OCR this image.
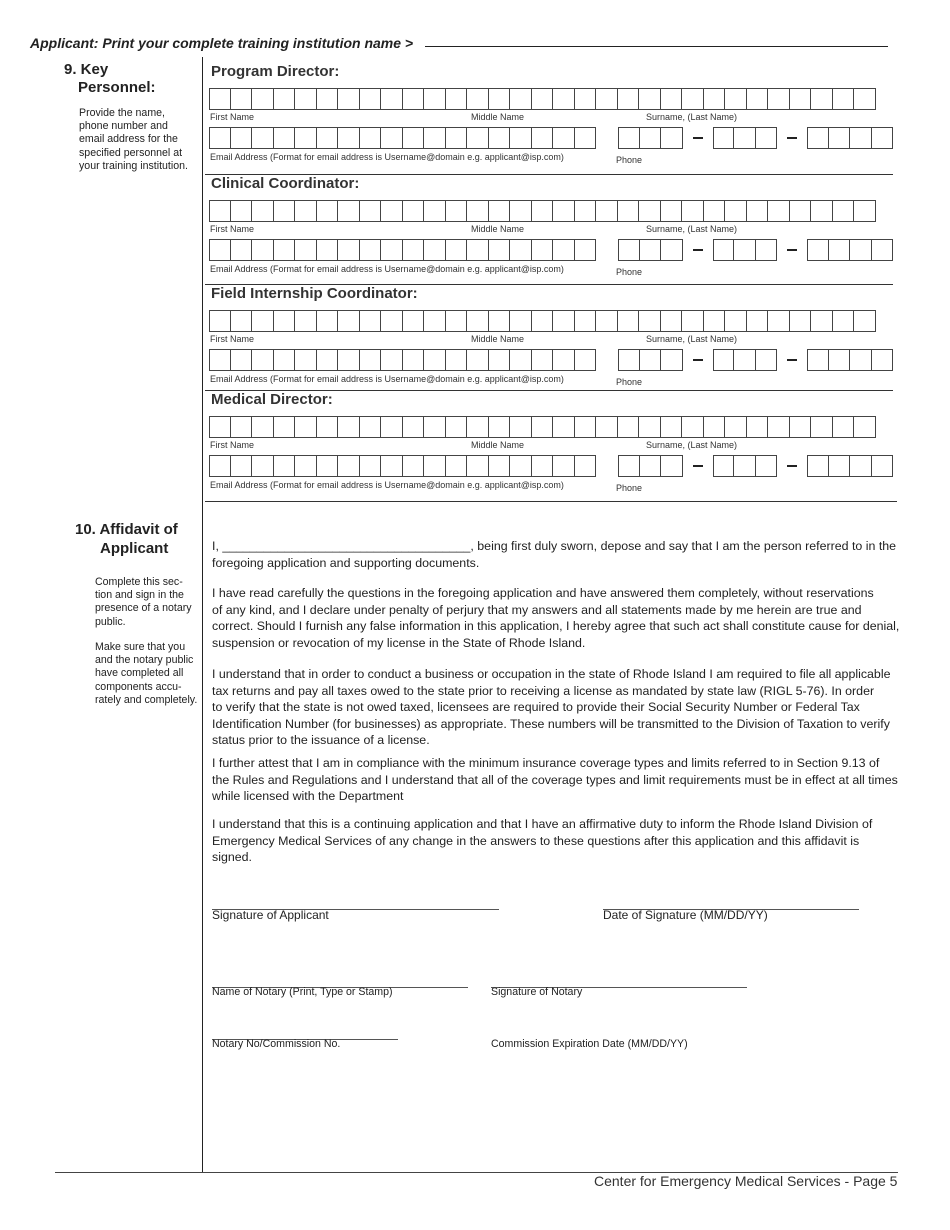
Applicant: Print your complete training institution name >
Center for Emergency Medical Services - Page 5
9. Key
Personnel:
Provide the name,
phone number and
email address for the
specified personnel at
your training institution.
Program Director:
First Name	Middle Name	Surname, (Last Name)
Email Address (Format for email address is Username@domain e.g. applicant@isp.com)	Phone
Clinical Coordinator:
First Name	Middle Name	Surname, (Last Name)
Email Address (Format for email address is Username@domain e.g. applicant@isp.com)	Phone
Field Internship Coordinator:
First Name	Middle Name	Surname, (Last Name)
Email Address (Format for email address is Username@domain e.g. applicant@isp.com)	Phone
Medical Director:
First Name	Middle Name	Surname, (Last Name)
Email Address (Format for email address is Username@domain e.g. applicant@isp.com)	Phone
10. Affidavit of
Applicant
Complete this sec-
tion and sign in the
presence of a notary
public.
Make sure that you
and the notary public
have completed all
components accu-
rately and completely.
I, ____________________________________, being first duly sworn, depose and say that I am the person referred to in the
foregoing application and supporting documents.
I have read carefully the questions in the foregoing application and have answered them completely, without reservations
of any kind, and I declare under penalty of perjury that my answers and all statements made by me herein are true and
correct. Should I furnish any false information in this application, I hereby agree that such act shall constitute cause for denial,
suspension or revocation of my license in the State of Rhode Island.
I understand that in order to conduct a business or occupation in the state of Rhode Island I am required to file all applicable
tax returns and pay all taxes owed to the state prior to receiving a license as mandated by state law (RIGL 5-76). In order
to verify that the state is not owed taxed, licensees are required to provide their Social Security Number or Federal Tax
Identification Number (for businesses) as appropriate. These numbers will be transmitted to the Division of Taxation to verify
status prior to the issuance of a license.
I further attest that I am in compliance with the minimum insurance coverage types and limits referred to in Section 9.13 of
the Rules and Regulations and I understand that all of the coverage types and limit requirements must be in effect at all times
while licensed with the Department
I understand that this is a continuing application and that I have an affirmative duty to inform the Rhode Island Division of
Emergency Medical Services of any change in the answers to these questions after this application and this affidavit is
signed.
Signature of Applicant	Date of Signature (MM/DD/YY)
Name of Notary (Print, Type or Stamp)	Signature of Notary
Notary No/Commission No.	Commission Expiration Date (MM/DD/YY)
